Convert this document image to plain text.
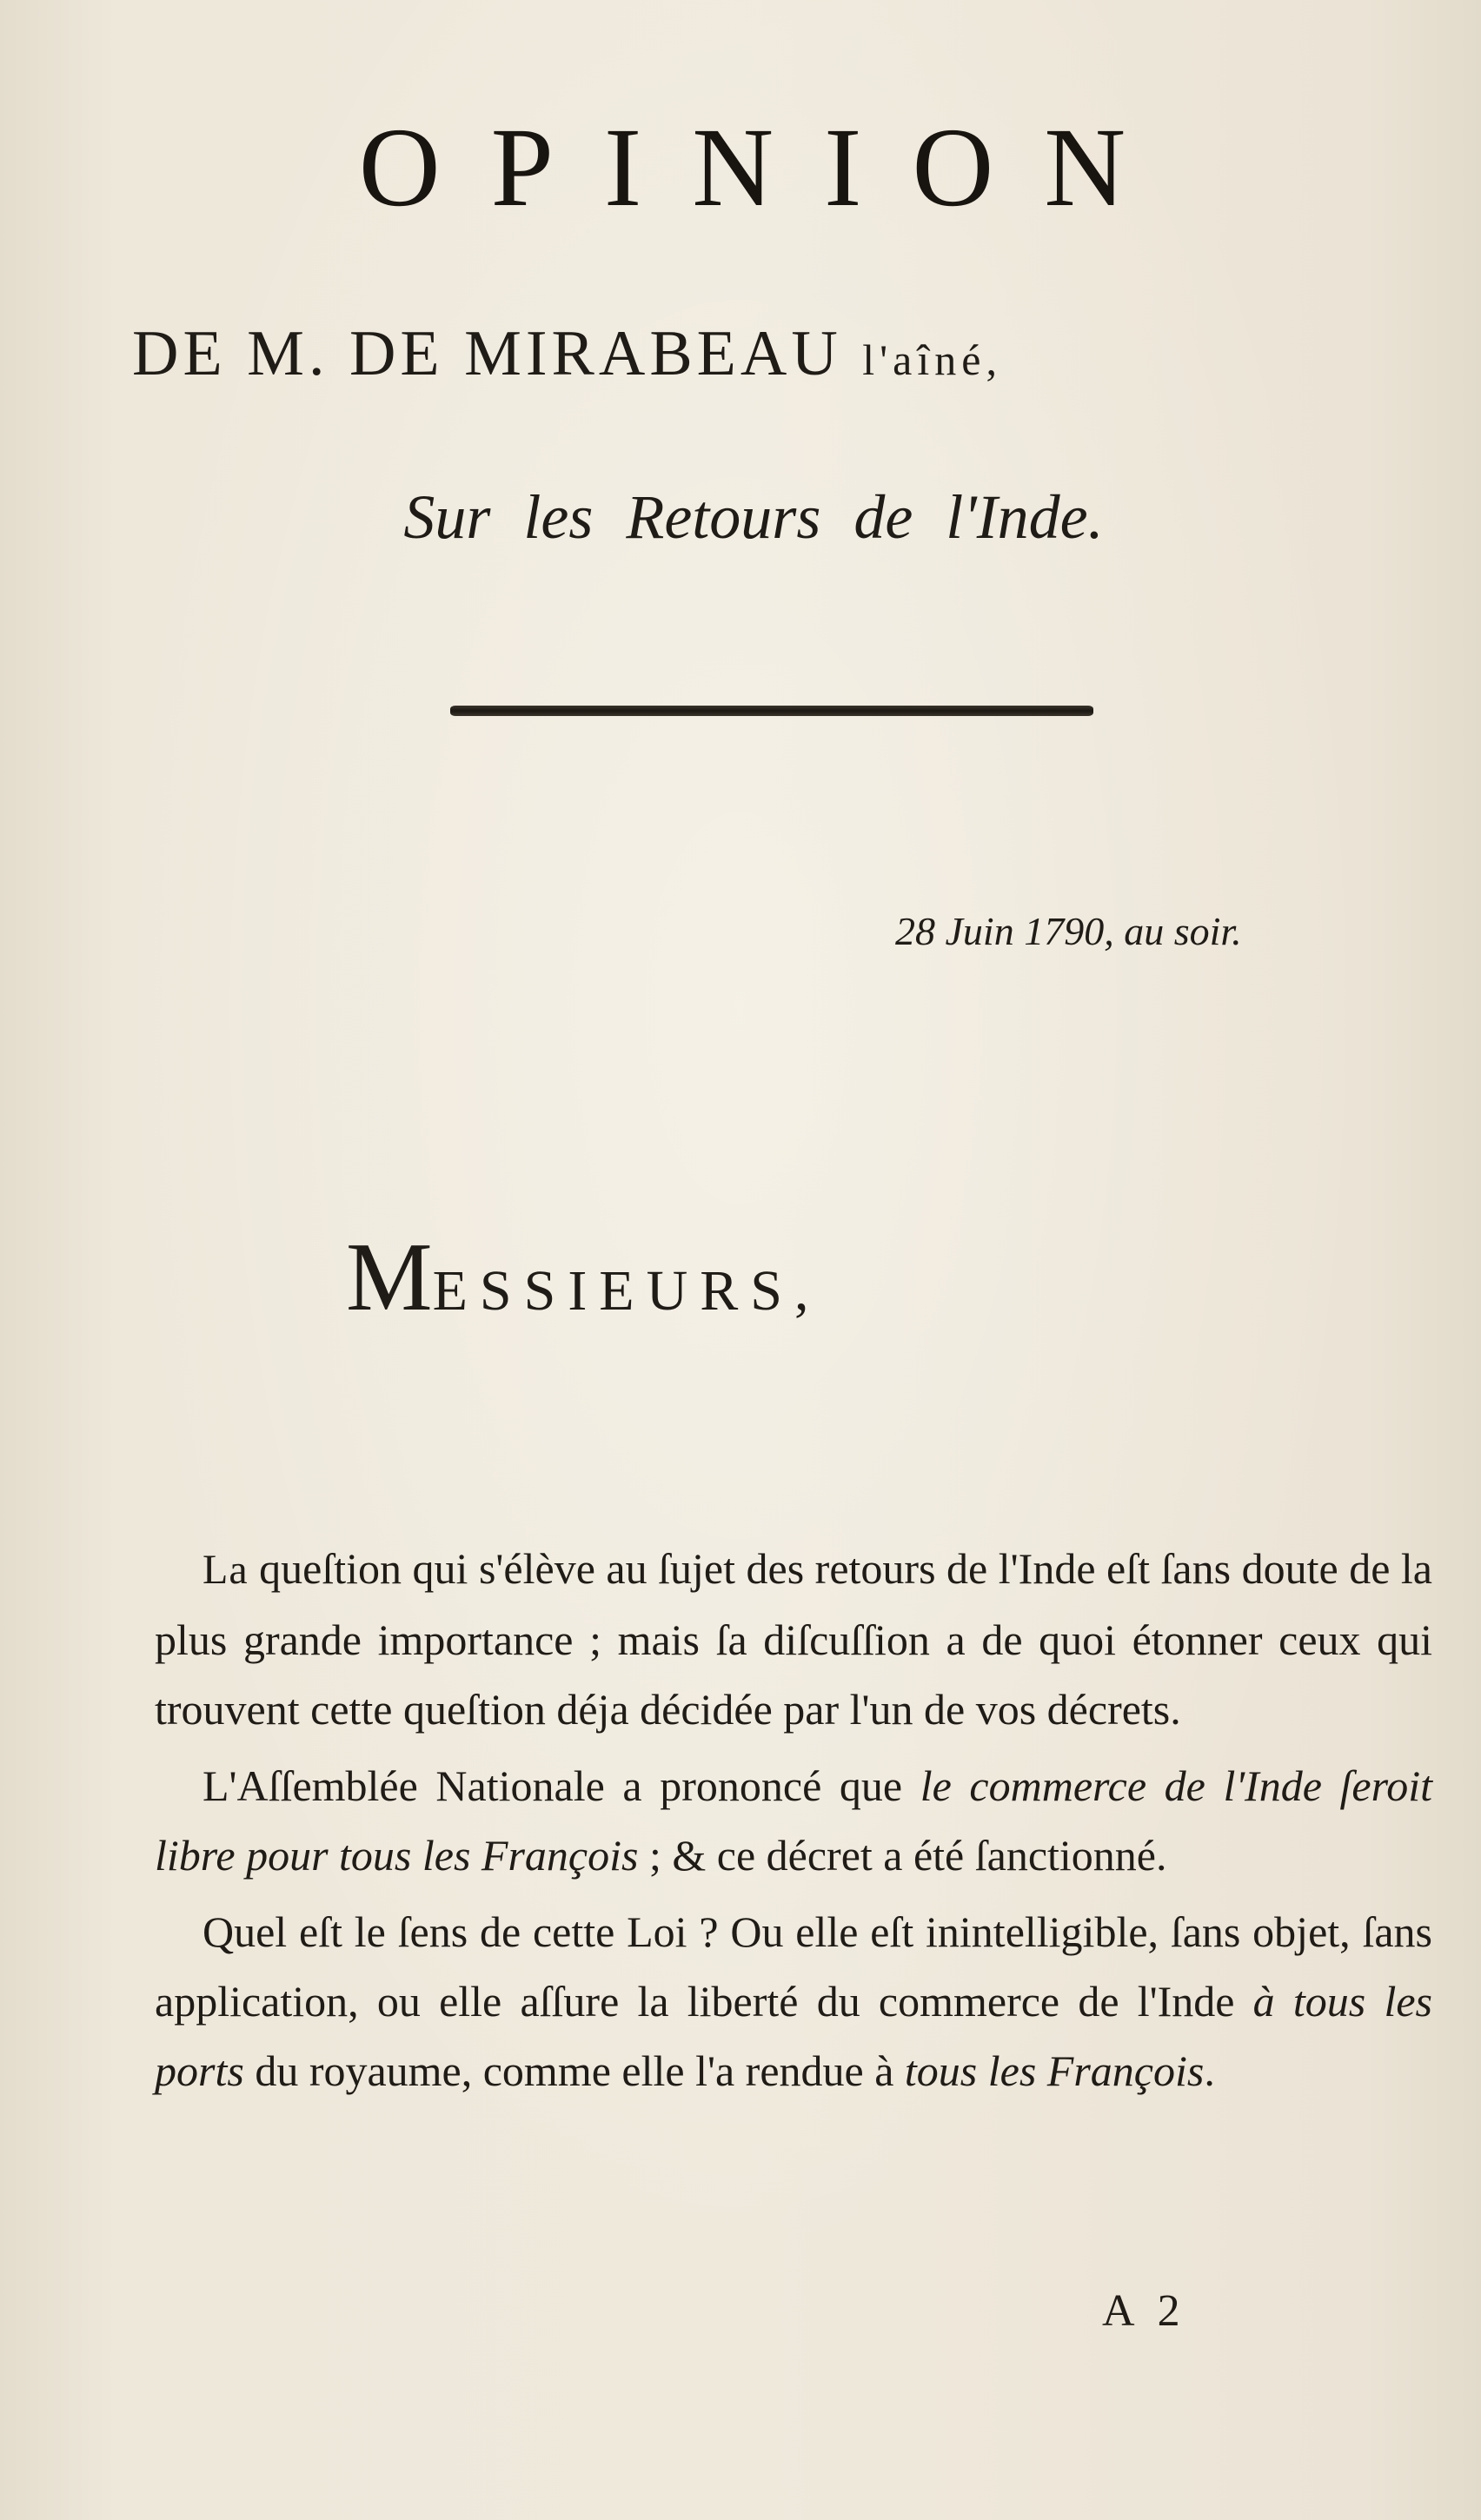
OPINION
DE M. DE MIRABEAU l'aîné,
Sur les Retours de l'Inde.
28 Juin 1790, au soir.
MESSIEURS,

La queſtion qui s'élève au ſujet des retours de l'Inde eſt ſans doute de la plus grande importance ; mais ſa diſcuſſion a de quoi étonner ceux qui trouvent cette queſtion déja décidée par l'un de vos décrets.

L'Aſſemblée Nationale a prononcé que le commerce de l'Inde ſeroit libre pour tous les François ; & ce décret a été ſanctionné.

Quel eſt le ſens de cette Loi ? Ou elle eſt inintelligible, ſans objet, ſans application, ou elle aſſure la liberté du commerce de l'Inde à tous les ports du royaume, comme elle l'a rendue à tous les François.

A 2
